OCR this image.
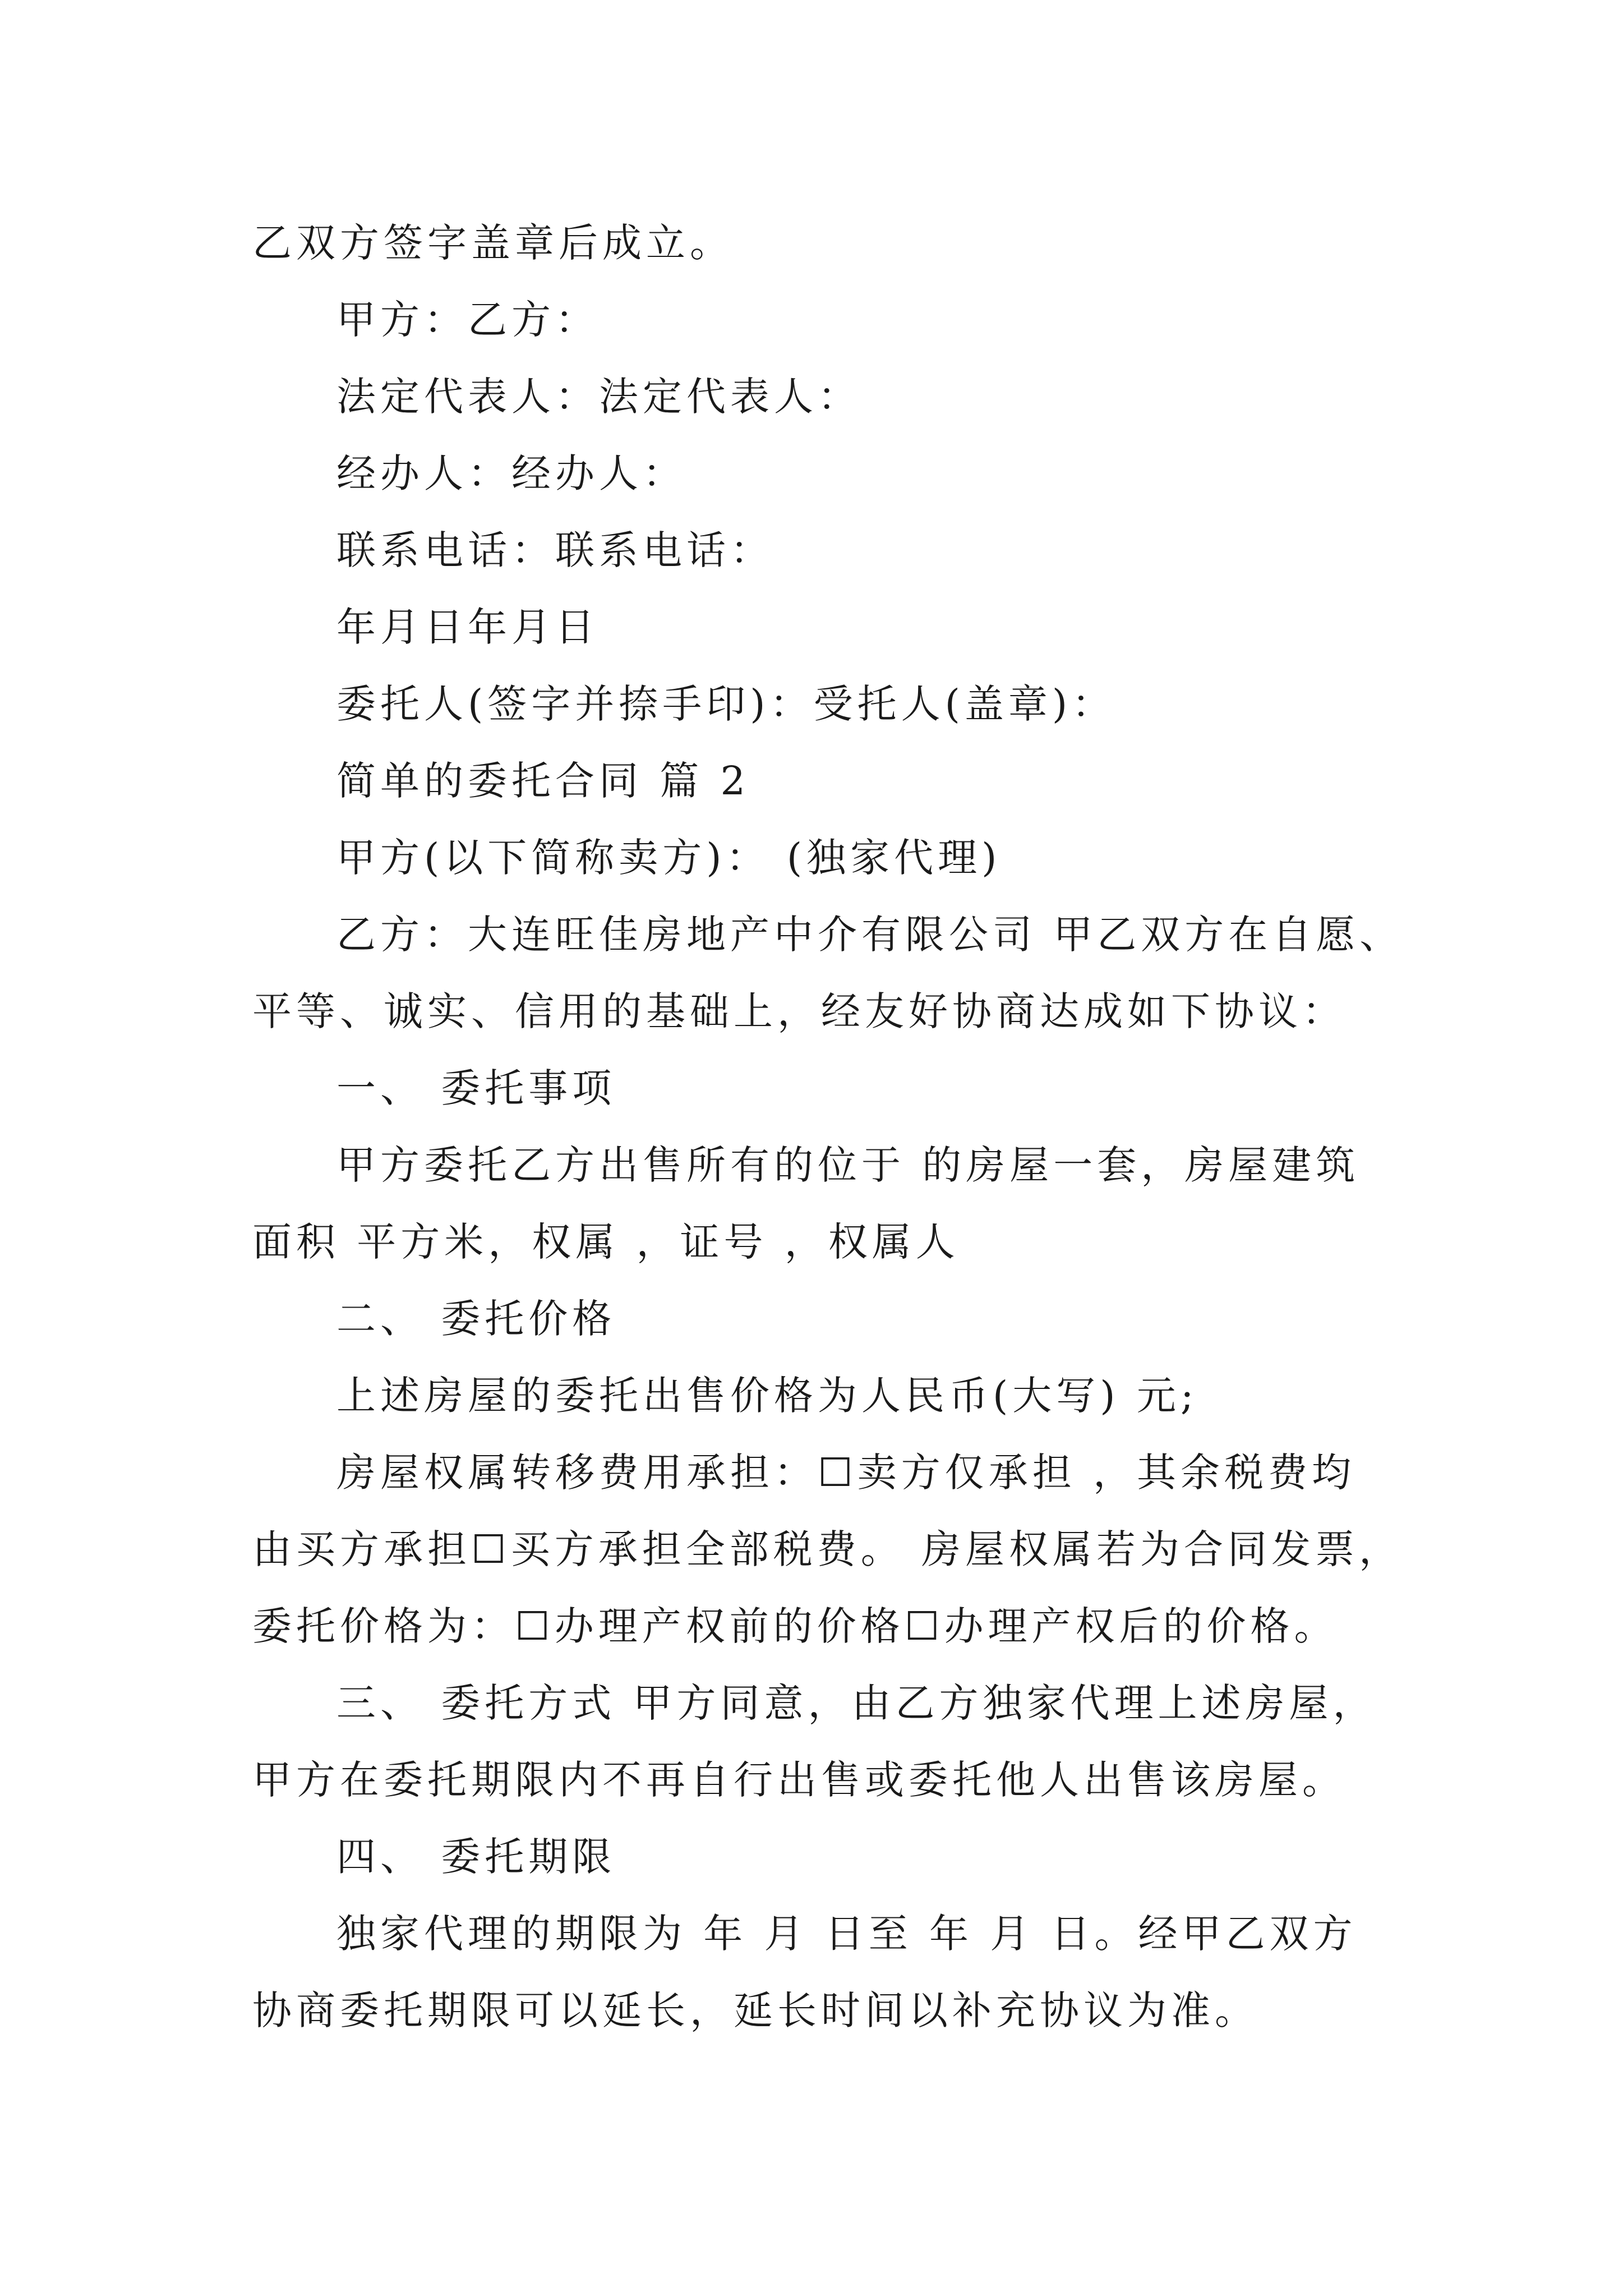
乙双方签字盖章后成立。
甲方：乙方：
法定代表人：法定代表人：
经办人：经办人：
联系电话：联系电话：
年月日年月日
委托人(签字并捺手印)：受托人(盖章)：
简单的委托合同 篇 2
甲方(以下简称卖方)： (独家代理)
乙方：大连旺佳房地产中介有限公司 甲乙双方在自愿、
平等、诚实、信用的基础上，经友好协商达成如下协议：
一、 委托事项
甲方委托乙方出售所有的位于 的房屋一套，房屋建筑
面积 平方米，权属 ，证号 ，权属人
二、 委托价格
上述房屋的委托出售价格为人民币(大写) 元;
房屋权属转移费用承担：☐卖方仅承担 ，其余税费均
由买方承担☐买方承担全部税费。 房屋权属若为合同发票，
委托价格为：☐办理产权前的价格☐办理产权后的价格。
三、 委托方式 甲方同意，由乙方独家代理上述房屋，
甲方在委托期限内不再自行出售或委托他人出售该房屋。
四、 委托期限
独家代理的期限为 年 月 日至 年 月 日。经甲乙双方
协商委托期限可以延长，延长时间以补充协议为准。
